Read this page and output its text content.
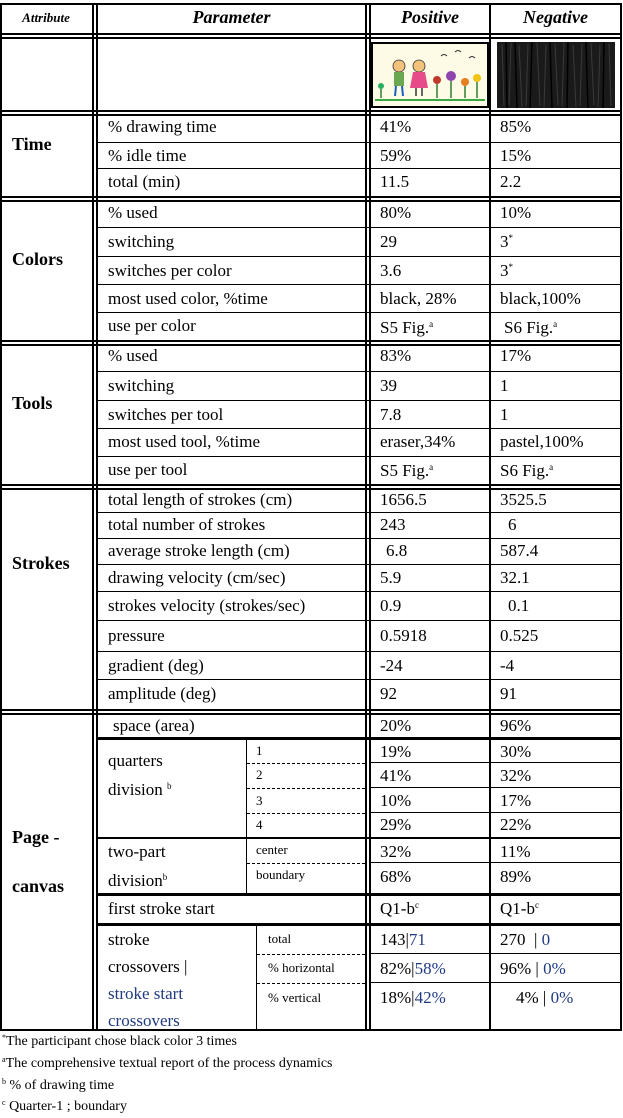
Attribute	Parameter	Positive	Negative
Time
% drawing time	41%	85%
% idle time	59%	15%
total (min)	11.5	2.2
Colors
% used	80%	10%
switching	29	3*
switches per color	3.6	3*
most used color, %time	black, 28%	black,100%
use per color	S5 Fig.$^a$	S6 Fig.$^a$
Tools
% used	83%	17%
switching	39	1
switches per tool	7.8	1
most used tool, %time	eraser,34%	pastel,100%
use per tool	S5 Fig.$^a$	S6 Fig.$^a$
Strokes
total length of strokes (cm)	1656.5	3525.5
total number of strokes	243	6
average stroke length (cm)	6.8	587.4
drawing velocity (cm/sec)	5.9	32.1
strokes velocity (strokes/sec)	0.9	0.1
pressure	0.5918	0.525
gradient (deg)	-24	-4
amplitude (deg)	92	91
Page -
canvas
space (area)	20%	96%
quarters
division $^b$
1	19%	30%
2	41%	32%
3	10%	17%
4	29%	22%
two-part
division$^b$
center	32%	11%
boundary	68%	89%
first stroke start	$Q1-b^c$	$Q1-b^c$
stroke
crossovers |
stroke start
crossovers
total	143|71	270  | 0
% horizontal	82%|58%	96% | 0%
% vertical	18%|42%	4% | 0%
*The participant chose black color 3 times
$^a$The comprehensive textual report of the process dynamics
$^b$ % of drawing time
$^c$ Quarter-1 ; boundary
